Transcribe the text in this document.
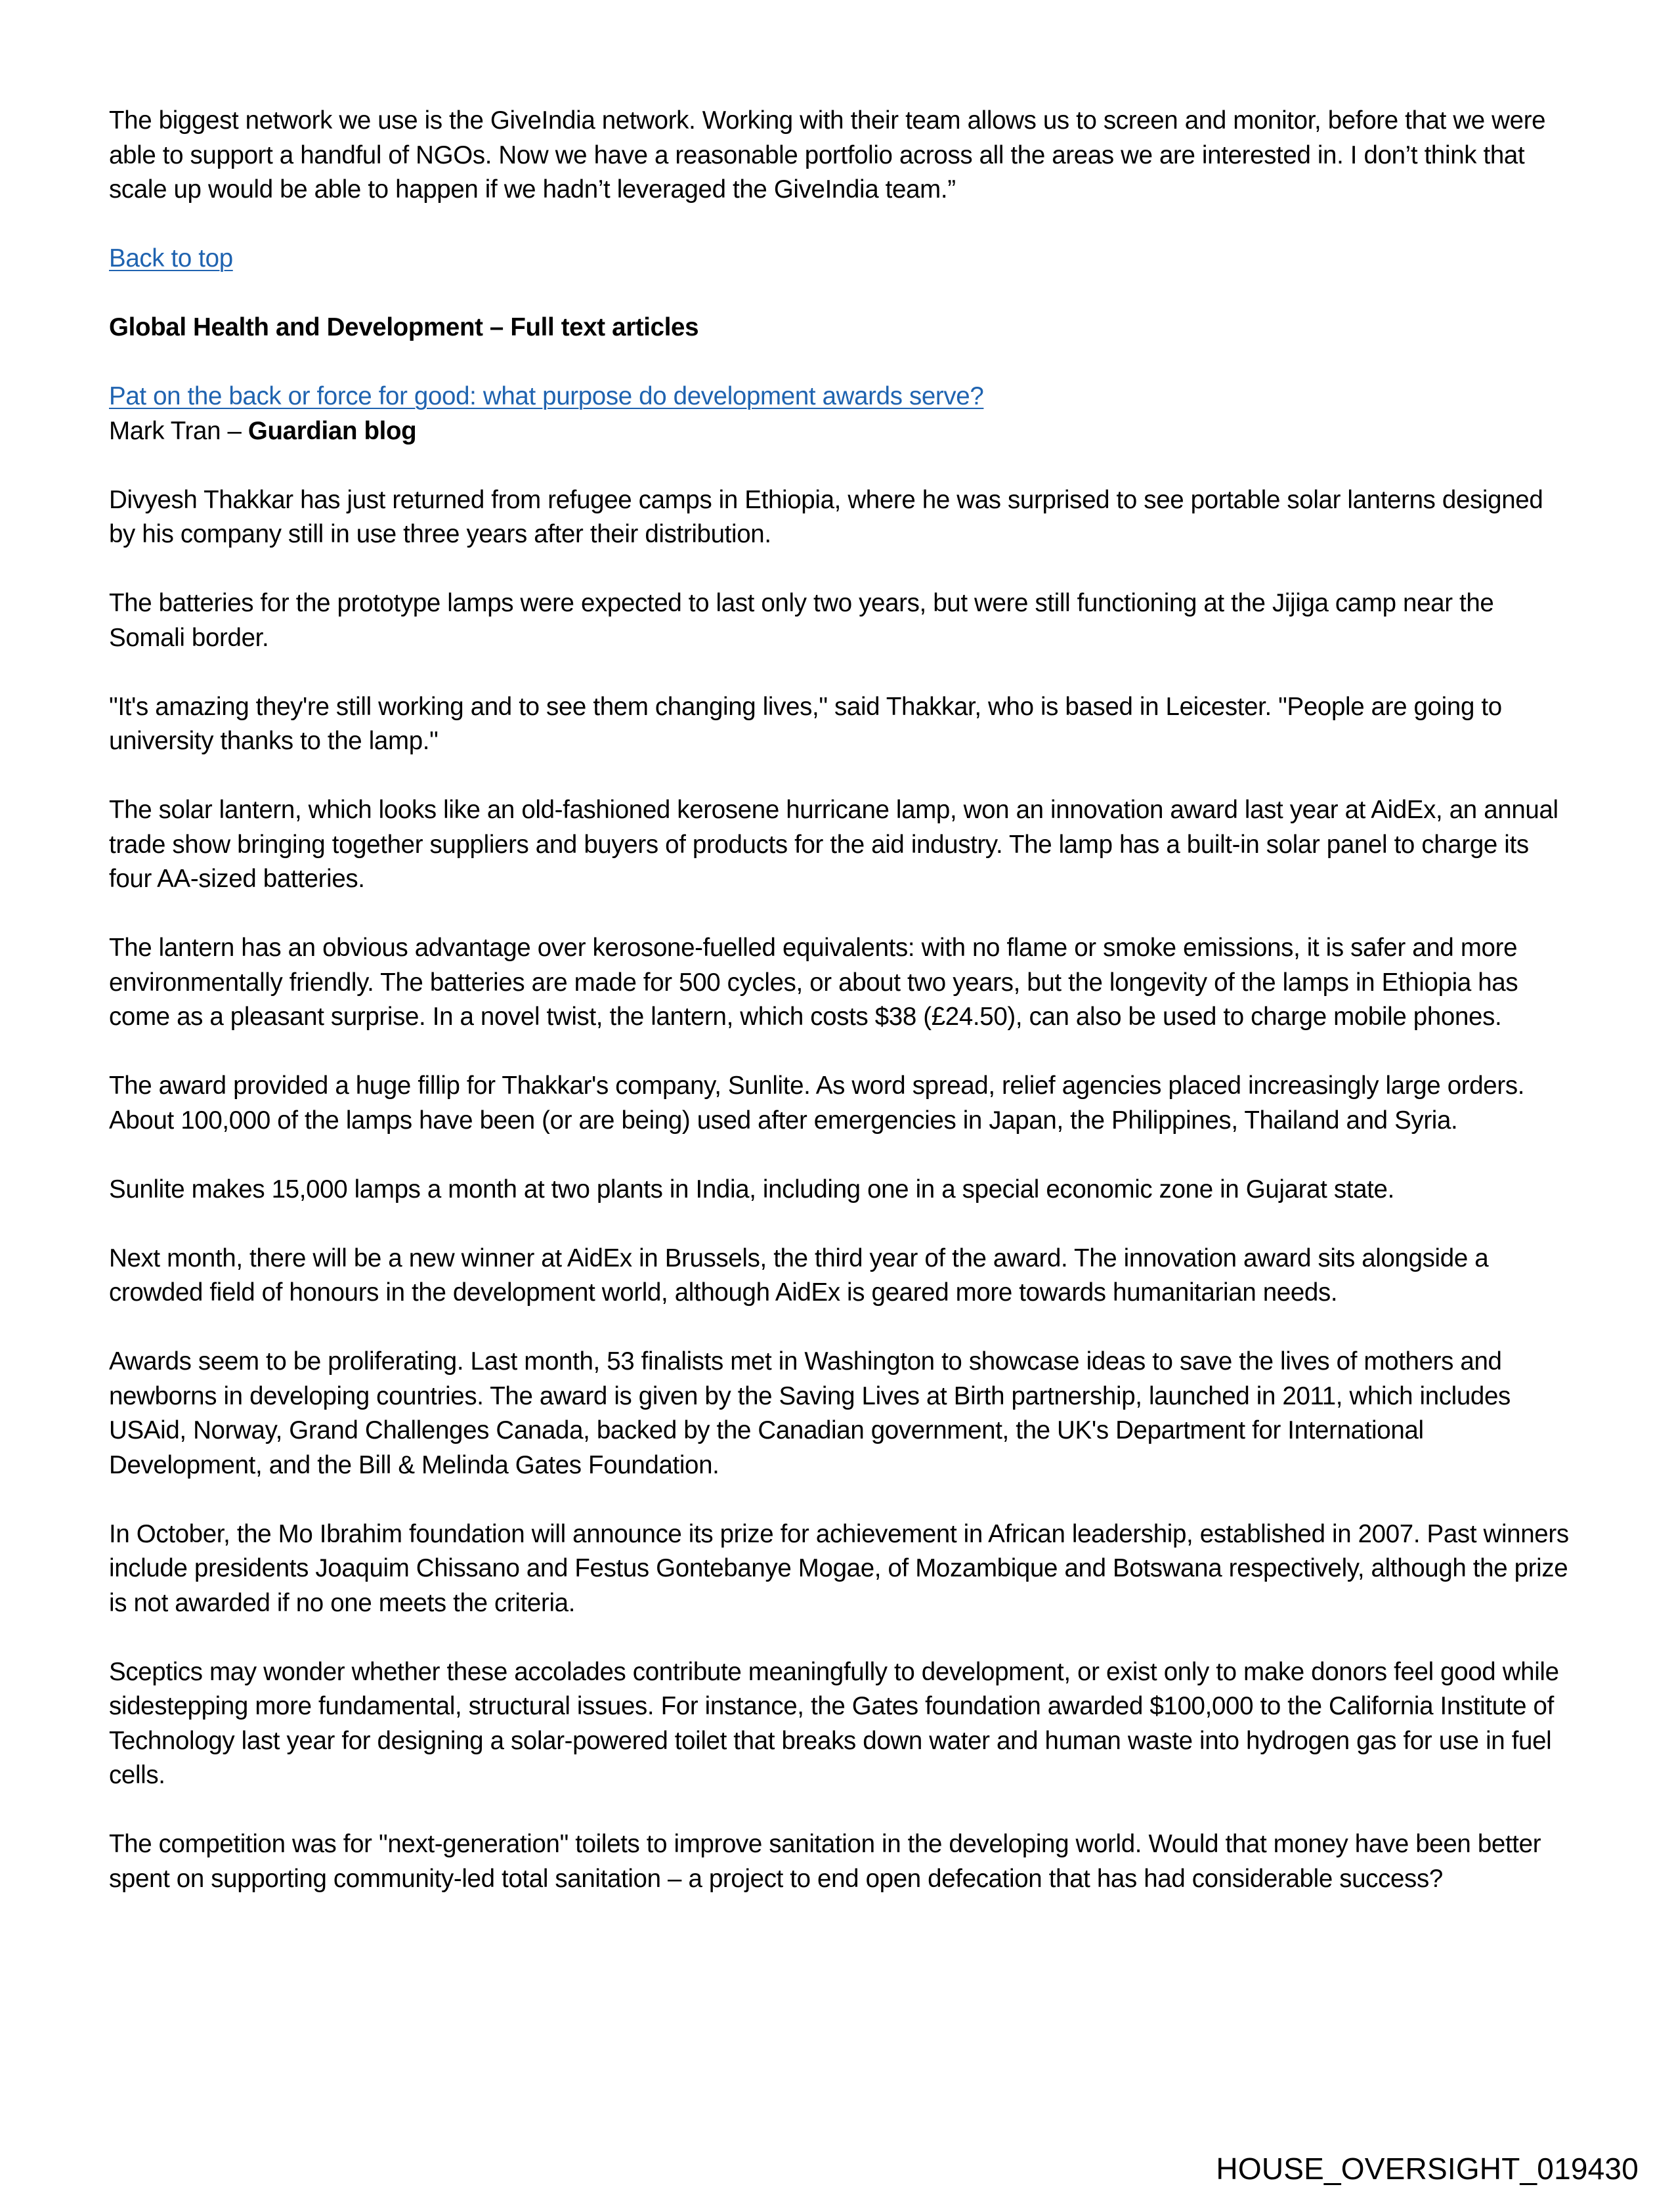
The biggest network we use is the GiveIndia network. Working with their team allows us to screen and monitor, before that we were able to support a handful of NGOs. Now we have a reasonable portfolio across all the areas we are interested in. I don’t think that scale up would be able to happen if we hadn’t leveraged the GiveIndia team.”

Back to top

Global Health and Development – Full text articles

Pat on the back or force for good: what purpose do development awards serve?
Mark Tran – Guardian blog

Divyesh Thakkar has just returned from refugee camps in Ethiopia, where he was surprised to see portable solar lanterns designed by his company still in use three years after their distribution.

The batteries for the prototype lamps were expected to last only two years, but were still functioning at the Jijiga camp near the Somali border.

"It's amazing they're still working and to see them changing lives," said Thakkar, who is based in Leicester. "People are going to university thanks to the lamp."

The solar lantern, which looks like an old-fashioned kerosene hurricane lamp, won an innovation award last year at AidEx, an annual trade show bringing together suppliers and buyers of products for the aid industry. The lamp has a built-in solar panel to charge its four AA-sized batteries.

The lantern has an obvious advantage over kerosone-fuelled equivalents: with no flame or smoke emissions, it is safer and more environmentally friendly. The batteries are made for 500 cycles, or about two years, but the longevity of the lamps in Ethiopia has come as a pleasant surprise. In a novel twist, the lantern, which costs $38 (£24.50), can also be used to charge mobile phones.

The award provided a huge fillip for Thakkar's company, Sunlite. As word spread, relief agencies placed increasingly large orders. About 100,000 of the lamps have been (or are being) used after emergencies in Japan, the Philippines, Thailand and Syria.

Sunlite makes 15,000 lamps a month at two plants in India, including one in a special economic zone in Gujarat state.

Next month, there will be a new winner at AidEx in Brussels, the third year of the award. The innovation award sits alongside a crowded field of honours in the development world, although AidEx is geared more towards humanitarian needs.

Awards seem to be proliferating. Last month, 53 finalists met in Washington to showcase ideas to save the lives of mothers and newborns in developing countries. The award is given by the Saving Lives at Birth partnership, launched in 2011, which includes USAid, Norway, Grand Challenges Canada, backed by the Canadian government, the UK's Department for International Development, and the Bill & Melinda Gates Foundation.

In October, the Mo Ibrahim foundation will announce its prize for achievement in African leadership, established in 2007. Past winners include presidents Joaquim Chissano and Festus Gontebanye Mogae, of Mozambique and Botswana respectively, although the prize is not awarded if no one meets the criteria.

Sceptics may wonder whether these accolades contribute meaningfully to development, or exist only to make donors feel good while sidestepping more fundamental, structural issues. For instance, the Gates foundation awarded $100,000 to the California Institute of Technology last year for designing a solar-powered toilet that breaks down water and human waste into hydrogen gas for use in fuel cells.

The competition was for "next-generation" toilets to improve sanitation in the developing world. Would that money have been better spent on supporting community-led total sanitation – a project to end open defecation that has had considerable success?

HOUSE_OVERSIGHT_019430
